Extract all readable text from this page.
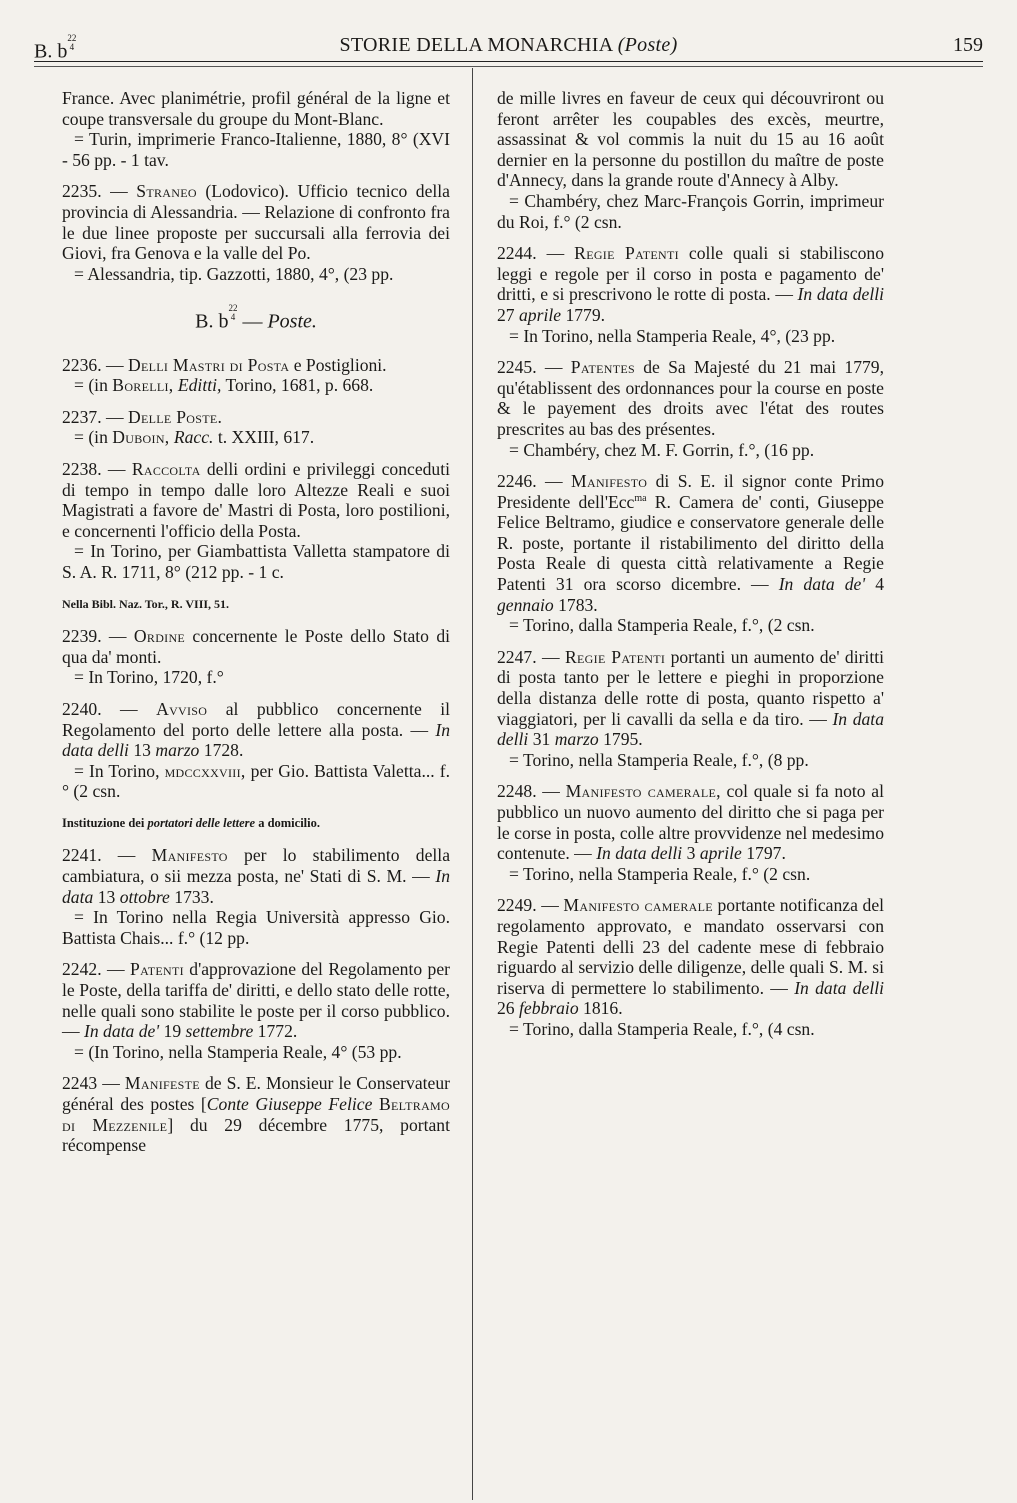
B. b22
4	STORIE DELLA MONARCHIA (Poste)	159

France. Avec planimétrie, profil général de la ligne et coupe transversale du groupe du Mont-Blanc.

= Turin, imprimerie Franco-Italienne, 1880, 8° (XVI - 56 pp. - 1 tav.

2235. — Straneo (Lodovico). Ufficio tecnico della provincia di Alessandria. — Relazione di confronto fra le due linee proposte per succursali alla ferrovia dei Giovi, fra Genova e la valle del Po.

= Alessandria, tip. Gazzotti, 1880, 4°, (23 pp.

B. b22
4 — Poste.

2236. — Delli Mastri di Posta e Postiglioni.

= (in Borelli, Editti, Torino, 1681, p. 668.

2237. — Delle Poste.

= (in Duboin, Racc. t. XXIII, 617.

2238. — Raccolta delli ordini e privileggi conceduti di tempo in tempo dalle loro Altezze Reali e suoi Magistrati a favore de' Mastri di Posta, loro postilioni, e concernenti l'officio della Posta.

= In Torino, per Giambattista Valletta stampatore di S. A. R. 1711, 8° (212 pp. - 1 c.

Nella Bibl. Naz. Tor., R. VIII, 51.

2239. — Ordine concernente le Poste dello Stato di qua da' monti.

= In Torino, 1720, f.°

2240. — Avviso al pubblico concernente il Regolamento del porto delle lettere alla posta. — In data delli 13 marzo 1728.

= In Torino, mdccxxviii, per Gio. Battista Valetta... f.° (2 csn.

Instituzione dei portatori delle lettere a domicilio.

2241. — Manifesto per lo stabilimento della cambiatura, o sii mezza posta, ne' Stati di S. M. — In data 13 ottobre 1733.

= In Torino nella Regia Università appresso Gio. Battista Chais... f.° (12 pp.

2242. — Patenti d'approvazione del Regolamento per le Poste, della tariffa de' diritti, e dello stato delle rotte, nelle quali sono stabilite le poste per il corso pubblico. — In data de' 19 settembre 1772.

= (In Torino, nella Stamperia Reale, 4° (53 pp.

2243 — Manifeste de S. E. Monsieur le Conservateur général des postes [Conte Giuseppe Felice Beltramo di Mezzenile] du 29 décembre 1775, portant récompense

de mille livres en faveur de ceux qui découvriront ou feront arrêter les coupables des excès, meurtre, assassinat & vol commis la nuit du 15 au 16 août dernier en la personne du postillon du maître de poste d'Annecy, dans la grande route d'Annecy à Alby.

= Chambéry, chez Marc-François Gorrin, imprimeur du Roi, f.° (2 csn.

2244. — Regie Patenti colle quali si stabiliscono leggi e regole per il corso in posta e pagamento de' dritti, e si prescrivono le rotte di posta. — In data delli 27 aprile 1779.

= In Torino, nella Stamperia Reale, 4°, (23 pp.

2245. — Patentes de Sa Majesté du 21 mai 1779, qu'établissent des ordonnances pour la course en poste & le payement des droits avec l'état des routes prescrites au bas des présentes.

= Chambéry, chez M. F. Gorrin, f.°, (16 pp.

2246. — Manifesto di S. E. il signor conte Primo Presidente dell'Ecc$^{ma}$ R. Camera de' conti, Giuseppe Felice Beltramo, giudice e conservatore generale delle R. poste, portante il ristabilimento del diritto della Posta Reale di questa città relativamente a Regie Patenti 31 ora scorso dicembre. — In data de' 4 gennaio 1783.

= Torino, dalla Stamperia Reale, f.°, (2 csn.

2247. — Regie Patenti portanti un aumento de' diritti di posta tanto per le lettere e pieghi in proporzione della distanza delle rotte di posta, quanto rispetto a' viaggiatori, per li cavalli da sella e da tiro. — In data delli 31 marzo 1795.

= Torino, nella Stamperia Reale, f.°, (8 pp.

2248. — Manifesto camerale, col quale si fa noto al pubblico un nuovo aumento del diritto che si paga per le corse in posta, colle altre provvidenze nel medesimo contenute. — In data delli 3 aprile 1797.

= Torino, nella Stamperia Reale, f.° (2 csn.

2249. — Manifesto camerale portante notificanza del regolamento approvato, e mandato osservarsi con Regie Patenti delli 23 del cadente mese di febbraio riguardo al servizio delle diligenze, delle quali S. M. si riserva di permettere lo stabilimento. — In data delli 26 febbraio 1816.

= Torino, dalla Stamperia Reale, f.°, (4 csn.
